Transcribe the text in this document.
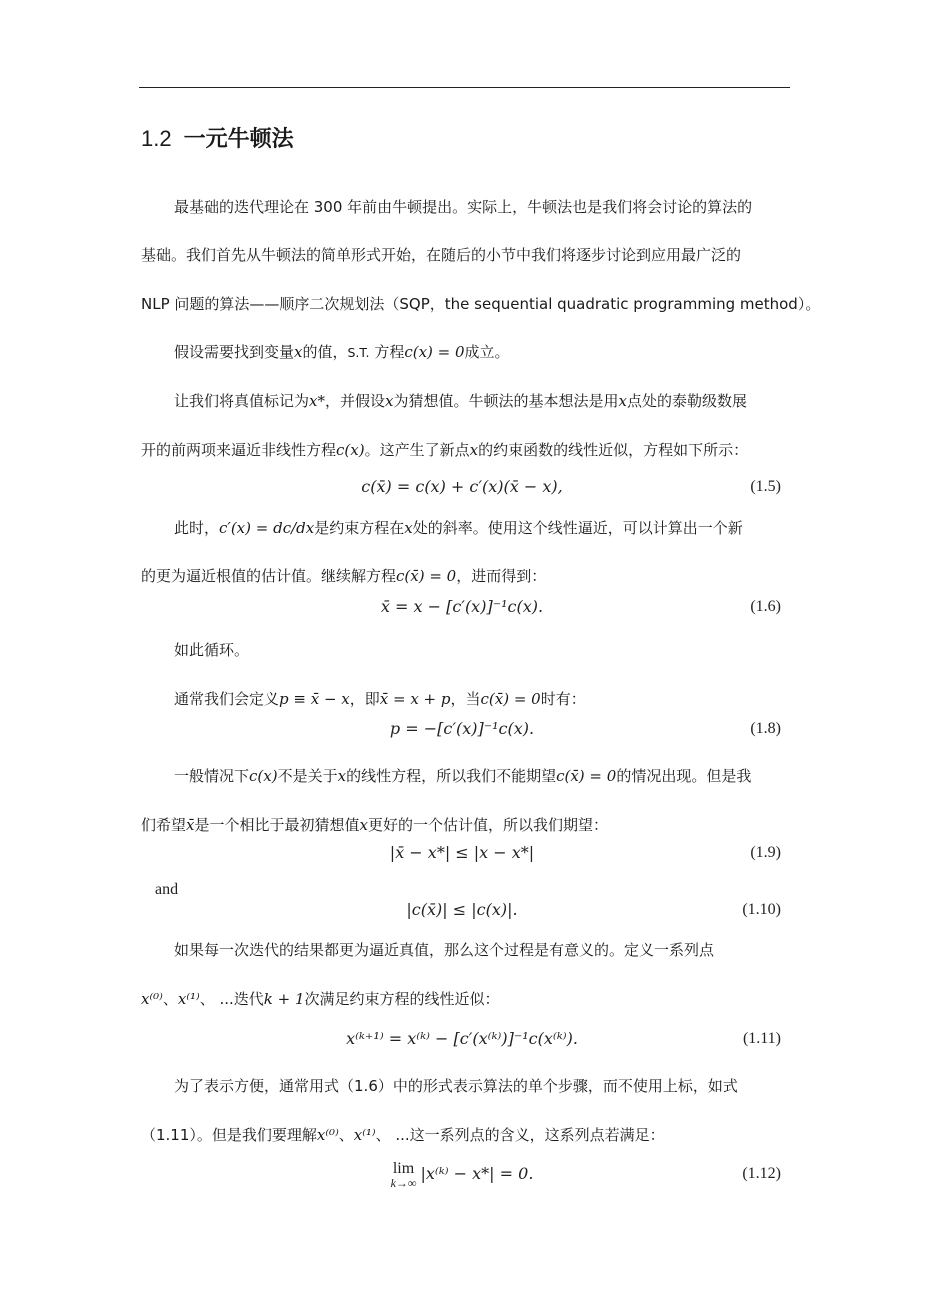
1.2 一元牛顿法
最基础的迭代理论在 300 年前由牛顿提出。实际上，牛顿法也是我们将会讨论的算法的
基础。我们首先从牛顿法的简单形式开始，在随后的小节中我们将逐步讨论到应用最广泛的
NLP 问题的算法——顺序二次规划法（SQP，the sequential quadratic programming method）。
假设需要找到变量x的值，S.T. 方程c(x) = 0成立。
让我们将真值标记为x*，并假设x为猜想值。牛顿法的基本想法是用x点处的泰勒级数展
开的前两项来逼近非线性方程c(x)。这产生了新点x的约束函数的线性近似，方程如下所示：
c(x̄) = c(x) + c′(x)(x̄ − x),	(1.5)
此时，c′(x) = dc/dx是约束方程在x处的斜率。使用这个线性逼近，可以计算出一个新
的更为逼近根值的估计值。继续解方程c(x̄) = 0，进而得到：
x̄ = x − [c′(x)]⁻¹c(x).	(1.6)
如此循环。
通常我们会定义p ≡ x̄ − x，即x̄ = x + p，当c(x̄) = 0时有：
p = −[c′(x)]⁻¹c(x).	(1.8)
一般情况下c(x)不是关于x的线性方程，所以我们不能期望c(x̄) = 0的情况出现。但是我
们希望x̄是一个相比于最初猜想值x更好的一个估计值，所以我们期望：
|x̄ − x*| ≤ |x − x*|	(1.9)
and
|c(x̄)| ≤ |c(x)|.	(1.10)
如果每一次迭代的结果都更为逼近真值，那么这个过程是有意义的。定义一系列点
x⁽⁰⁾、x⁽¹⁾、 ...迭代k + 1次满足约束方程的线性近似：
x⁽ᵏ⁺¹⁾ = x⁽ᵏ⁾ − [c′(x⁽ᵏ⁾)]⁻¹c(x⁽ᵏ⁾).	(1.11)
为了表示方便，通常用式（1.6）中的形式表示算法的单个步骤，而不使用上标，如式
（1.11）。但是我们要理解x⁽⁰⁾、x⁽¹⁾、 ...这一系列点的含义，这系列点若满足：
lim
k→∞ |x⁽ᵏ⁾ − x*| = 0.	(1.12)
